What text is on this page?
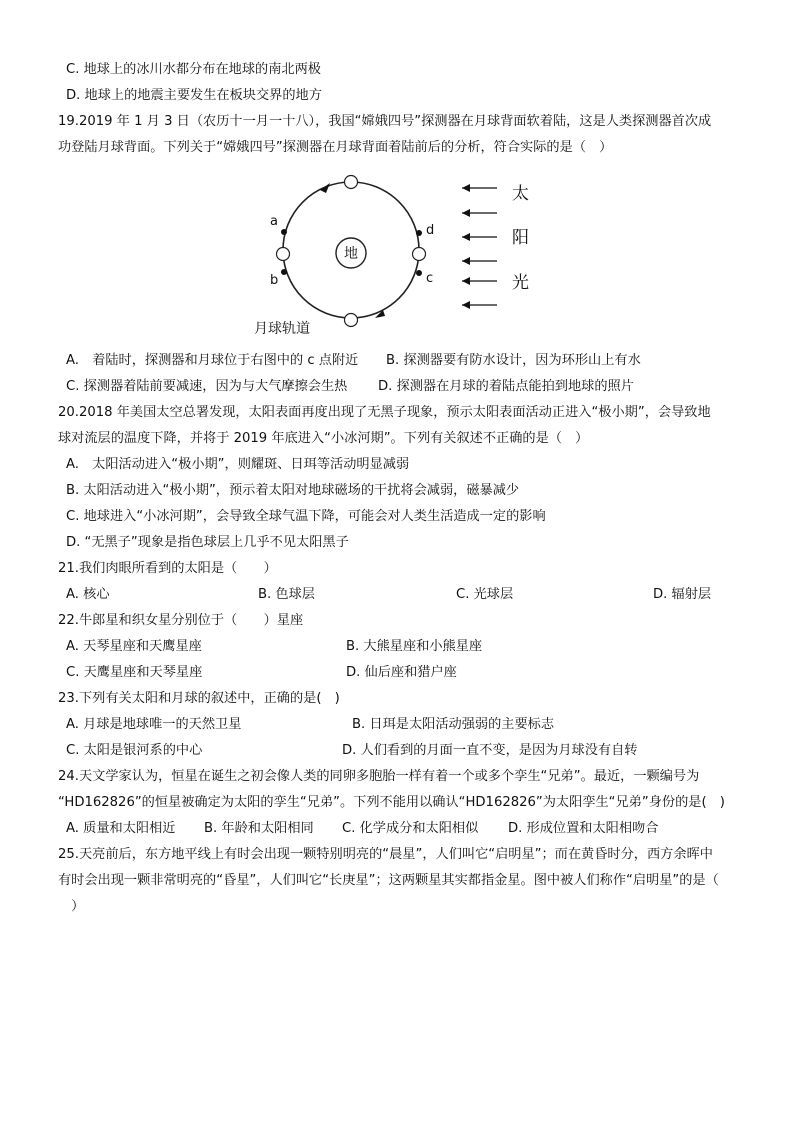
C. 地球上的冰川水都分布在地球的南北两极
D. 地球上的地震主要发生在板块交界的地方
19.2019 年 1 月 3 日（农历十一月一十八），我国“嫦娥四号”探测器在月球背面软着陆，这是人类探测器首次成
功登陆月球背面。下列关于“嫦娥四号”探测器在月球背面着陆前后的分析，符合实际的是（　）
地
a
b
d
c
月球轨道
太
阳
光
A.　着陆时，探测器和月球位于右图中的 c 点附近 B. 探测器要有防水设计，因为环形山上有水
C. 探测器着陆前要减速，因为与大气摩擦会生热 D. 探测器在月球的着陆点能拍到地球的照片
20.2018 年美国太空总署发现，太阳表面再度出现了无黑子现象，预示太阳表面活动正进入“极小期”，会导致地
球对流层的温度下降，并将于 2019 年底进入“小冰河期”。下列有关叙述不正确的是（　）
A.　太阳活动进入“极小期”，则耀斑、日珥等活动明显减弱
B. 太阳活动进入“极小期”，预示着太阳对地球磁场的干扰将会减弱，磁暴减少
C. 地球进入“小冰河期”，会导致全球气温下降，可能会对人类生活造成一定的影响
D. “无黑子”现象是指色球层上几乎不见太阳黑子
21.我们肉眼所看到的太阳是（　　）
A. 核心	B. 色球层	C. 光球层	D. 辐射层
22.牛郎星和织女星分别位于（　　）星座
A. 天琴星座和天鹰星座	B. 大熊星座和小熊星座
C. 天鹰星座和天琴星座	D. 仙后座和猎户座
23.下列有关太阳和月球的叙述中，正确的是(　)
A. 月球是地球唯一的天然卫星	B. 日珥是太阳活动强弱的主要标志
C. 太阳是银河系的中心	D. 人们看到的月面一直不变，是因为月球没有自转
24.天文学家认为，恒星在诞生之初会像人类的同卵多胞胎一样有着一个或多个孪生“兄弟”。最近，一颗编号为
“HD162826”的恒星被确定为太阳的孪生“兄弟”。下列不能用以确认“HD162826”为太阳孪生“兄弟”身份的是(　)
A. 质量和太阳相近 B. 年龄和太阳相同 C. 化学成分和太阳相似 D. 形成位置和太阳相吻合
25.天亮前后，东方地平线上有时会出现一颗特别明亮的“晨星”，人们叫它“启明星”；而在黄昏时分，西方余晖中
有时会出现一颗非常明亮的“昏星”，人们叫它“长庚星”；这两颗星其实都指金星。图中被人们称作“启明星”的是（
　）
